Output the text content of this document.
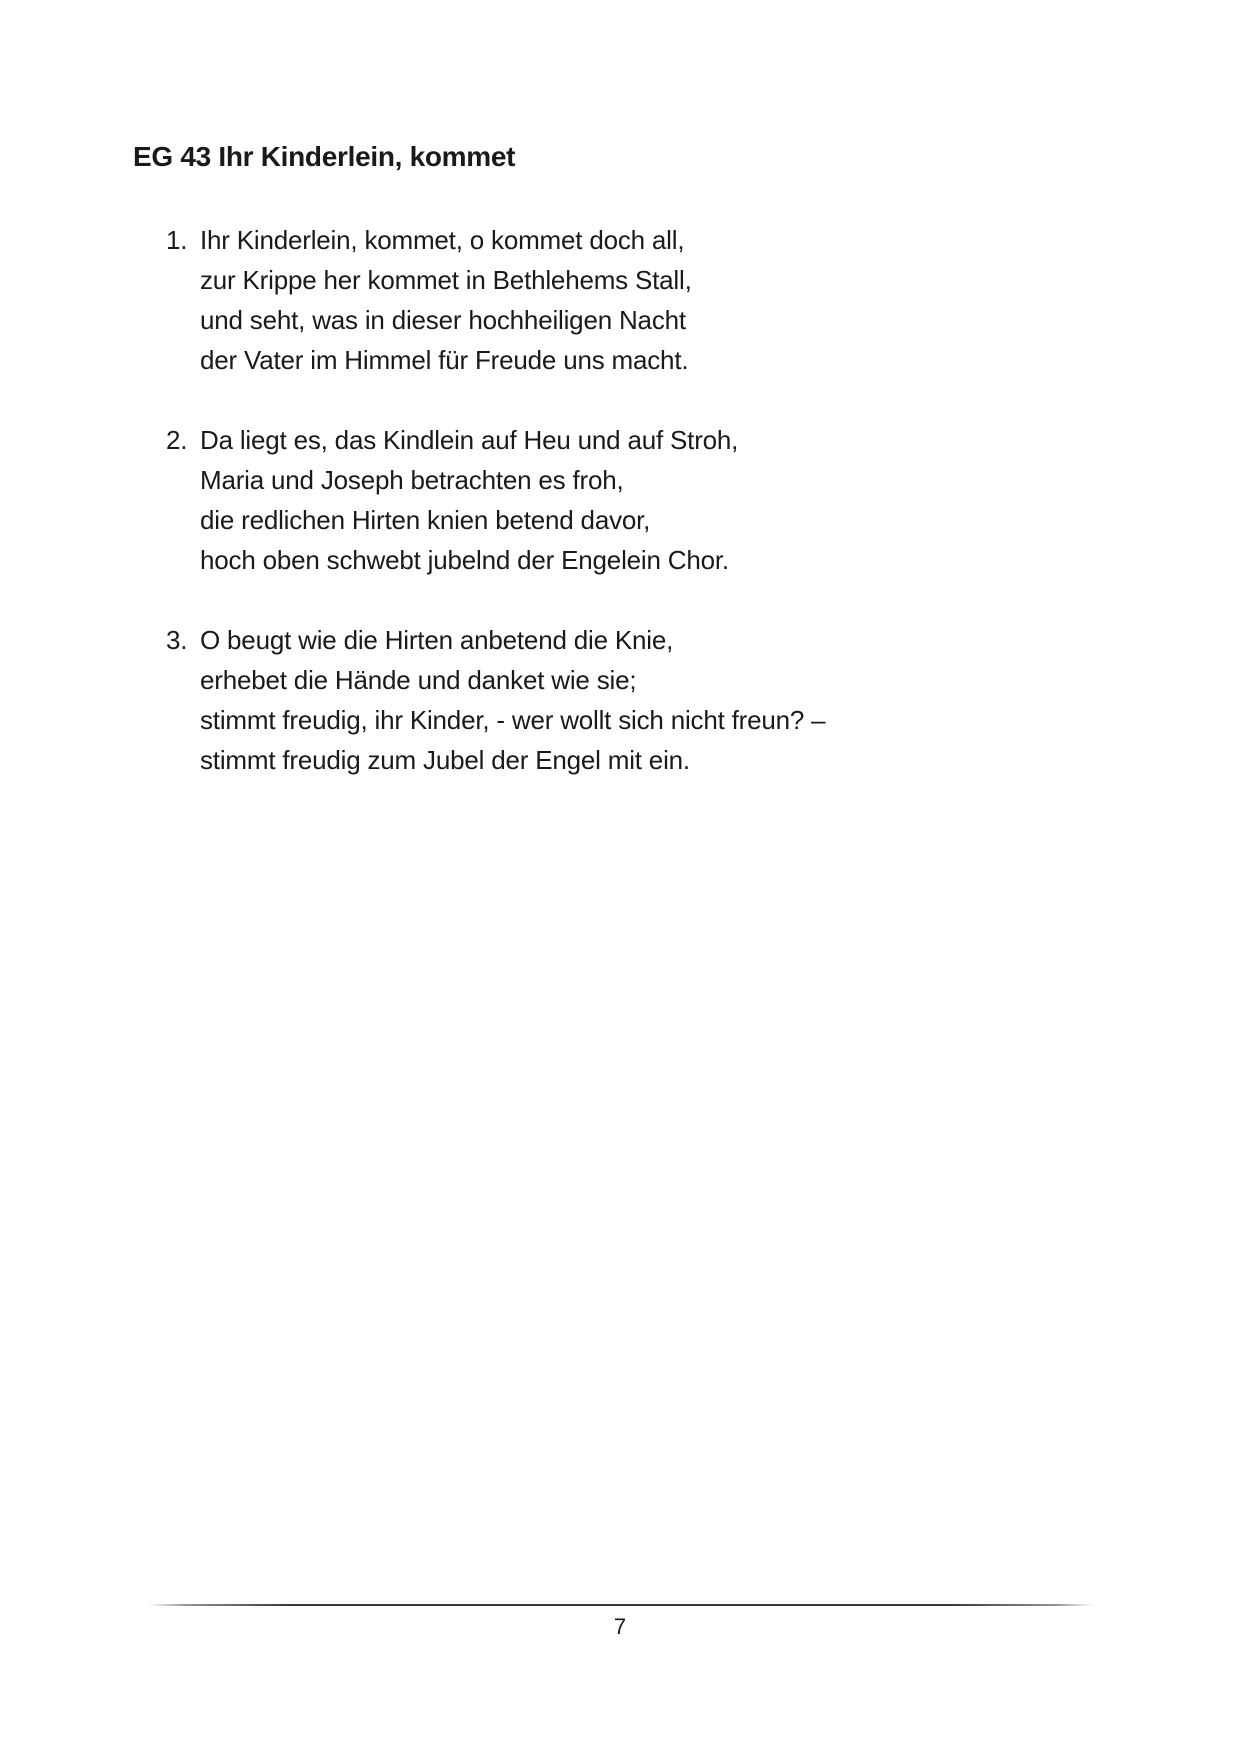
EG 43 Ihr Kinderlein, kommet
1. Ihr Kinderlein, kommet, o kommet doch all,
zur Krippe her kommet in Bethlehems Stall,
und seht, was in dieser hochheiligen Nacht
der Vater im Himmel für Freude uns macht.
2. Da liegt es, das Kindlein auf Heu und auf Stroh,
Maria und Joseph betrachten es froh,
die redlichen Hirten knien betend davor,
hoch oben schwebt jubelnd der Engelein Chor.
3. O beugt wie die Hirten anbetend die Knie,
erhebet die Hände und danket wie sie;
stimmt freudig, ihr Kinder, - wer wollt sich nicht freun? –
stimmt freudig zum Jubel der Engel mit ein.
7
